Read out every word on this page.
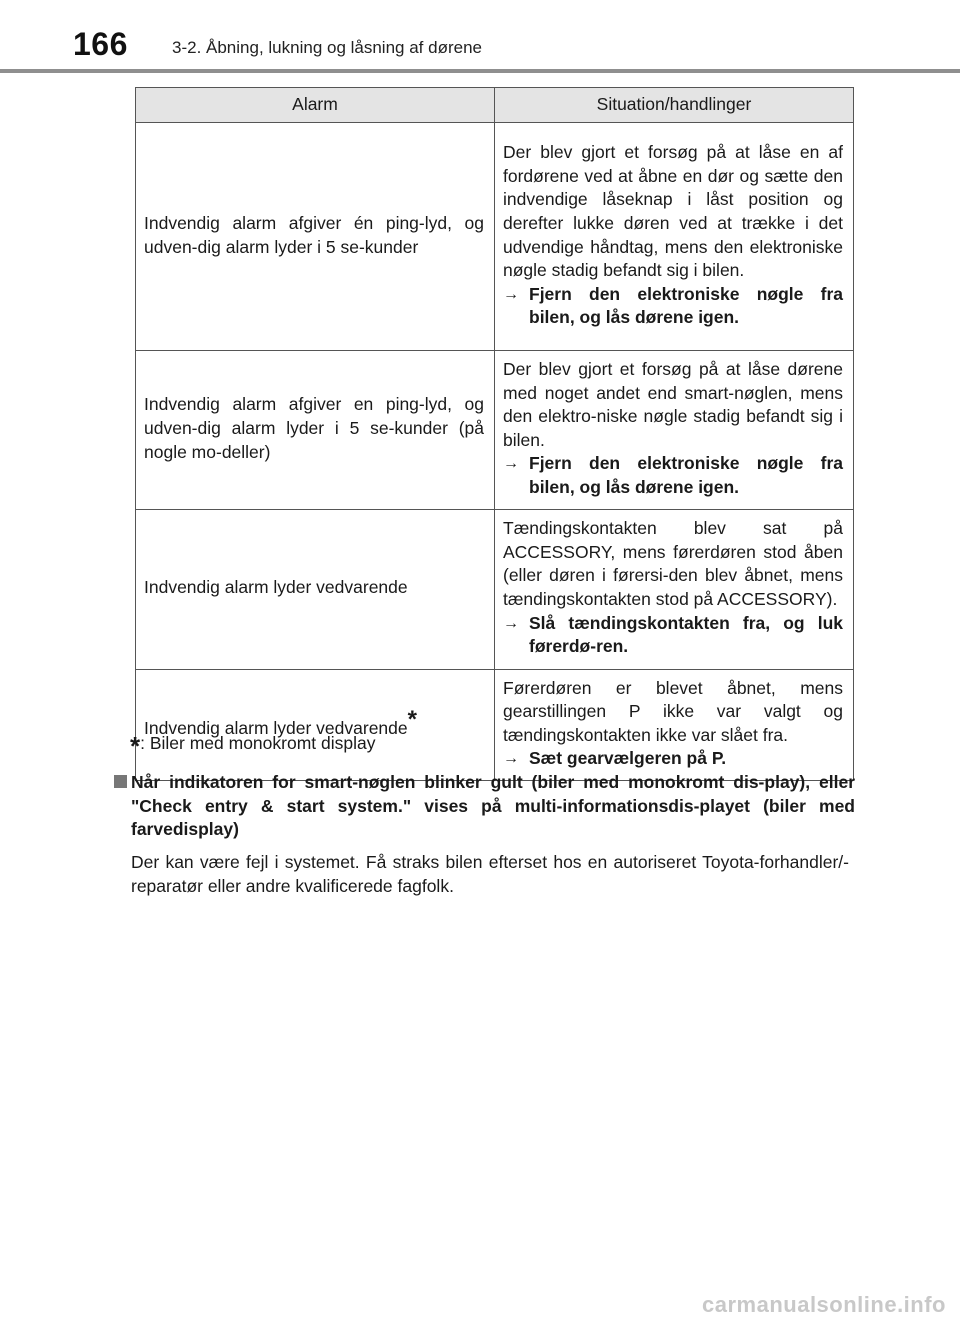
166	3-2. Åbning, lukning og låsning af dørene
Alarm	Situation/handlinger
Indvendig alarm afgiver én ping-lyd, og udven-dig alarm lyder i 5 se-kunder	Der blev gjort et forsøg på at låse en af fordørene ved at åbne en dør og sætte den indvendige låseknap i låst position og derefter lukke døren ved at trække i det udvendige håndtag, mens den elektroniske nøgle stadig befandt sig i bilen.
→ Fjern den elektroniske nøgle fra bilen, og lås dørene igen.

Indvendig alarm afgiver en ping-lyd, og udven-dig alarm lyder i 5 se-kunder (på nogle mo-deller)	Der blev gjort et forsøg på at låse dørene med noget andet end smart-nøglen, mens den elektro-niske nøgle stadig befandt sig i bilen.
→ Fjern den elektroniske nøgle fra bilen, og lås dørene igen.

Indvendig alarm lyder vedvarende	Tændingskontakten blev sat på ACCESSORY, mens førerdøren stod åben (eller døren i førersi-den blev åbnet, mens tændingskontakten stod på ACCESSORY).
→ Slå tændingskontakten fra, og luk førerdø-ren.

Indvendig alarm lyder vedvarende*	Førerdøren er blevet åbnet, mens gearstillingen P ikke var valgt og tændingskontakten ikke var slået fra.
→ Sæt gearvælgeren på P.
*: Biler med monokromt display
Når indikatoren for smart-nøglen blinker gult (biler med monokromt dis-play), eller "Check entry & start system." vises på multi-informationsdis-playet (biler med farvedisplay)
Der kan være fejl i systemet. Få straks bilen efterset hos en autoriseret Toyota-forhandler/-reparatør eller andre kvalificerede fagfolk.
carmanualsonline.info
